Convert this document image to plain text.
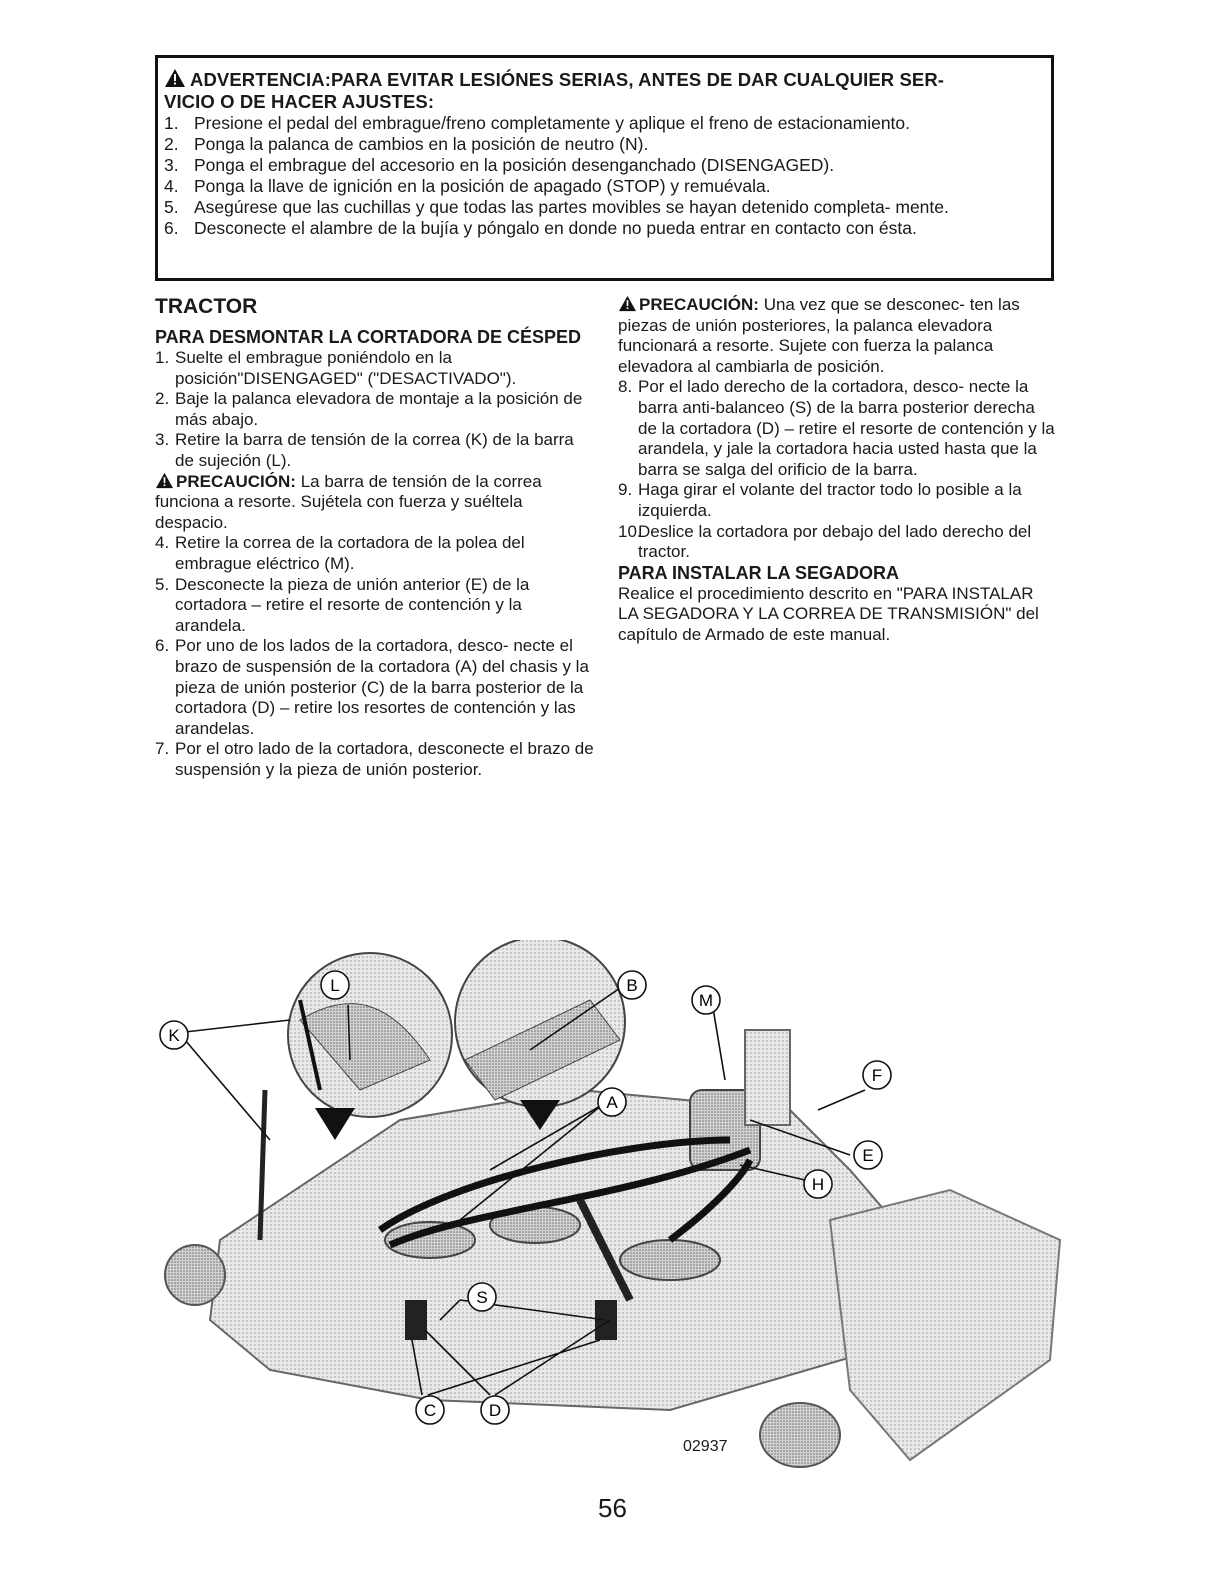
ADVERTENCIA:PARA EVITAR LESIÓNES SERIAS, ANTES DE DAR CUALQUIER SER-
VICIO O DE HACER AJUSTES:
1. Presione el pedal del embrague/freno completamente y aplique el freno de estacionamiento.
2. Ponga la palanca de cambios en la posición de neutro (N).
3. Ponga el embrague del accesorio en la posición desenganchado (DISENGAGED).
4. Ponga la llave de ignición en la posición de apagado (STOP) y remuévala.
5. Asegúrese que las cuchillas y que todas las partes movibles se hayan detenido completa- mente.
6. Desconecte el alambre de la bujía y póngalo en donde no pueda entrar en contacto con ésta.
TRACTOR
PARA DESMONTAR LA CORTADORA DE CÉSPED
1. Suelte el embrague poniéndolo en la posición"DISENGAGED" ("DESACTIVADO").
2. Baje la palanca elevadora de montaje a la posición de más abajo.
3. Retire la barra de tensión de la correa (K) de la barra de sujeción (L).
PRECAUCIÓN: La barra de tensión de la correa funciona a resorte. Sujétela con fuerza y suéltela despacio.
4. Retire la correa de la cortadora de la polea del embrague eléctrico (M).
5. Desconecte la pieza de unión anterior (E) de la cortadora – retire el resorte de contención y la arandela.
6. Por uno de los lados de la cortadora, desco- necte el brazo de suspensión de la cortadora (A) del chasis y la pieza de unión posterior (C) de la barra posterior de la cortadora (D) – retire los resortes de contención y las arandelas.
7. Por el otro lado de la cortadora, desconecte el brazo de suspensión y la pieza de unión posterior.
PRECAUCIÓN: Una vez que se desconec- ten las piezas de unión posteriores, la palanca elevadora funcionará a resorte. Sujete con fuerza la palanca elevadora al cambiarla de posición.
8. Por el lado derecho de la cortadora, desco- necte la barra anti-balanceo (S) de la barra posterior derecha de la cortadora (D) – retire el resorte de contención y la arandela, y jale la cortadora hacia usted hasta que la barra se salga del orificio de la barra.
9. Haga girar el volante del tractor todo lo posible a la izquierda.
10.
Deslice la cortadora por debajo del lado derecho del tractor.
PARA INSTALAR LA SEGADORA
Realice el procedimiento descrito en "PARA INSTALAR LA SEGADORA Y LA CORREA DE TRANSMISIÓN" del capítulo de Armado de este manual.
L
K
B
M
A
F
E
H
S
C	D
02937
56
